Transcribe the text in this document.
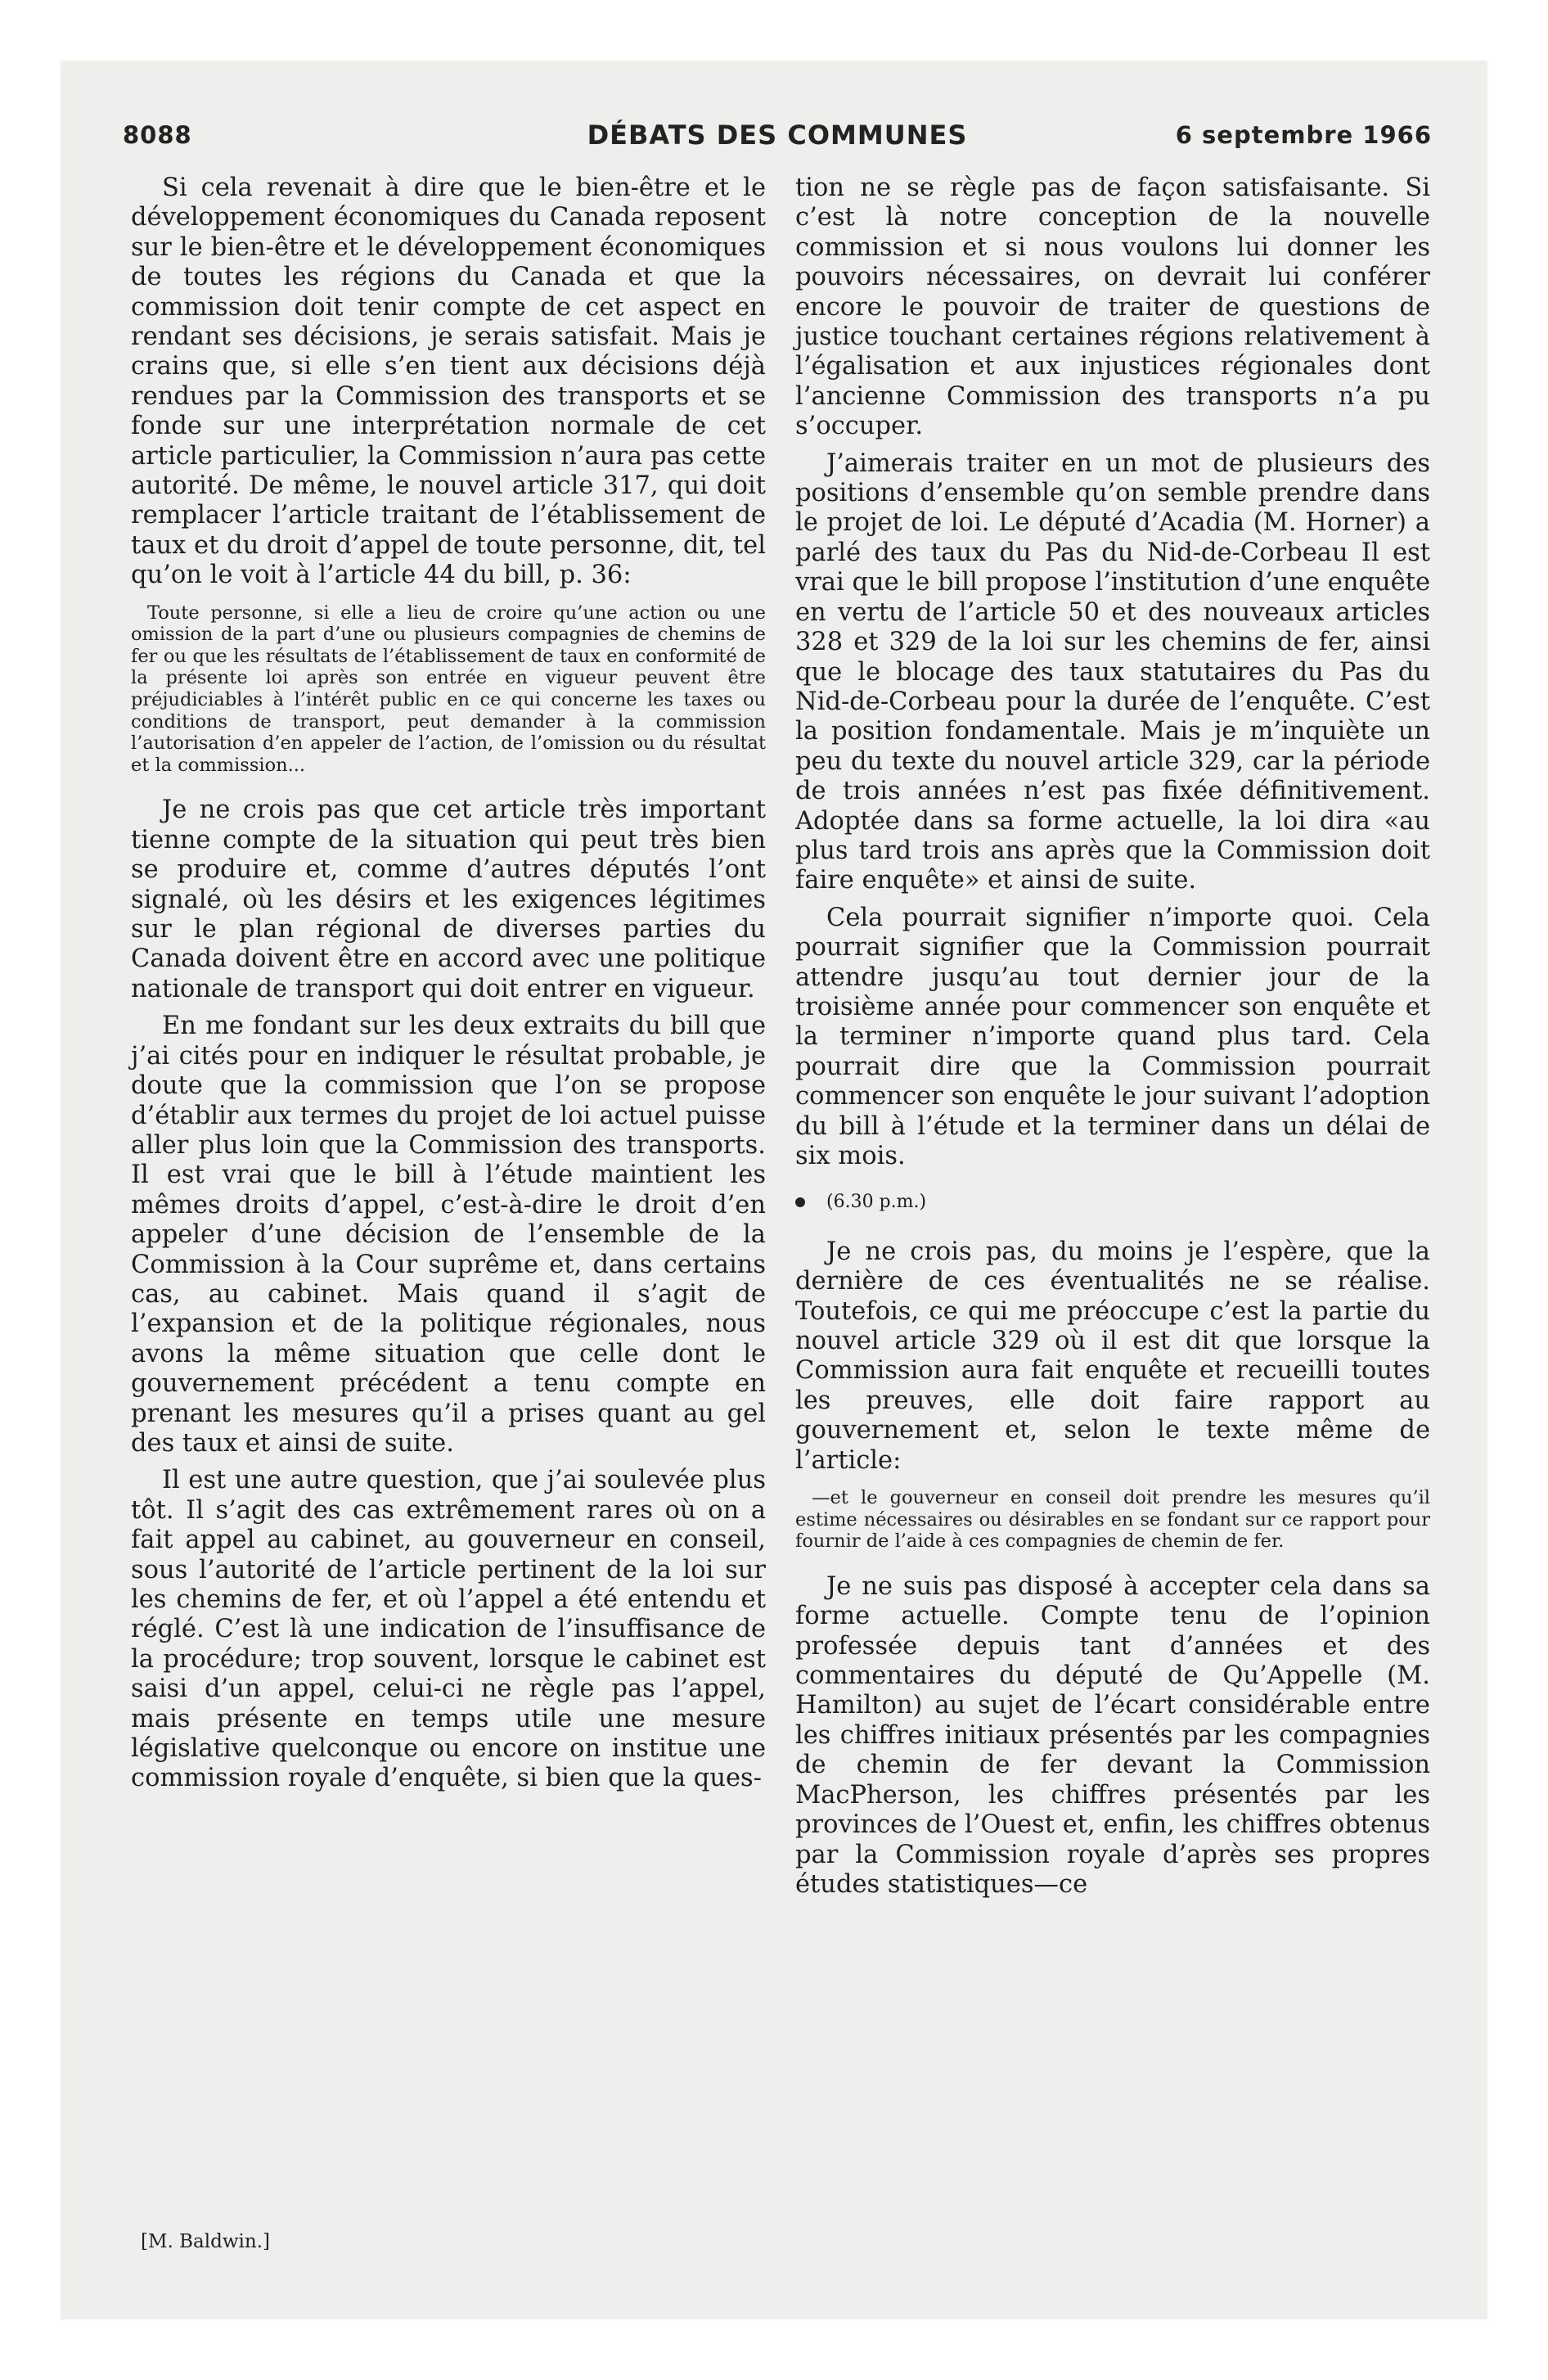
8088	DÉBATS DES COMMUNES	6 septembre 1966

Si cela revenait à dire que le bien-être et le développement économiques du Canada reposent sur le bien-être et le développement économiques de toutes les régions du Canada et que la commission doit tenir compte de cet aspect en rendant ses décisions, je serais satisfait. Mais je crains que, si elle s’en tient aux décisions déjà rendues par la Commission des transports et se fonde sur une interprétation normale de cet article particulier, la Commission n’aura pas cette autorité. De même, le nouvel article 317, qui doit remplacer l’article traitant de l’établissement de taux et du droit d’appel de toute personne, dit, tel qu’on le voit à l’article 44 du bill, p. 36:

Toute personne, si elle a lieu de croire qu’une action ou une omission de la part d’une ou plusieurs compagnies de chemins de fer ou que les résultats de l’établissement de taux en conformité de la présente loi après son entrée en vigueur peuvent être préjudiciables à l’intérêt public en ce qui concerne les taxes ou conditions de transport, peut demander à la commission l’autorisation d’en appeler de l’action, de l’omission ou du résultat et la commission...

Je ne crois pas que cet article très important tienne compte de la situation qui peut très bien se produire et, comme d’autres députés l’ont signalé, où les désirs et les exigences légitimes sur le plan régional de diverses parties du Canada doivent être en accord avec une politique nationale de transport qui doit entrer en vigueur.

En me fondant sur les deux extraits du bill que j’ai cités pour en indiquer le résultat probable, je doute que la commission que l’on se propose d’établir aux termes du projet de loi actuel puisse aller plus loin que la Commission des transports. Il est vrai que le bill à l’étude maintient les mêmes droits d’appel, c’est-à-dire le droit d’en appeler d’une décision de l’ensemble de la Commission à la Cour suprême et, dans certains cas, au cabinet. Mais quand il s’agit de l’expansion et de la politique régionales, nous avons la même situation que celle dont le gouvernement précédent a tenu compte en prenant les mesures qu’il a prises quant au gel des taux et ainsi de suite.

Il est une autre question, que j’ai soulevée plus tôt. Il s’agit des cas extrêmement rares où on a fait appel au cabinet, au gouverneur en conseil, sous l’autorité de l’article pertinent de la loi sur les chemins de fer, et où l’appel a été entendu et réglé. C’est là une indication de l’insuffisance de la procédure; trop souvent, lorsque le cabinet est saisi d’un appel, celui-ci ne règle pas l’appel, mais présente en temps utile une mesure législative quelconque ou encore on institue une commission royale d’enquête, si bien que la ques-

tion ne se règle pas de façon satisfaisante. Si c’est là notre conception de la nouvelle commission et si nous voulons lui donner les pouvoirs nécessaires, on devrait lui conférer encore le pouvoir de traiter de questions de justice touchant certaines régions relativement à l’égalisation et aux injustices régionales dont l’ancienne Commission des transports n’a pu s’occuper.

J’aimerais traiter en un mot de plusieurs des positions d’ensemble qu’on semble prendre dans le projet de loi. Le député d’Acadia (M. Horner) a parlé des taux du Pas du Nid-de-Corbeau Il est vrai que le bill propose l’institution d’une enquête en vertu de l’article 50 et des nouveaux articles 328 et 329 de la loi sur les chemins de fer, ainsi que le blocage des taux statutaires du Pas du Nid-de-Corbeau pour la durée de l’enquête. C’est la position fondamentale. Mais je m’inquiète un peu du texte du nouvel article 329, car la période de trois années n’est pas fixée définitivement. Adoptée dans sa forme actuelle, la loi dira «au plus tard trois ans après que la Commission doit faire enquête» et ainsi de suite.

Cela pourrait signifier n’importe quoi. Cela pourrait signifier que la Commission pourrait attendre jusqu’au tout dernier jour de la troisième année pour commencer son enquête et la terminer n’importe quand plus tard. Cela pourrait dire que la Commission pourrait commencer son enquête le jour suivant l’adoption du bill à l’étude et la terminer dans un délai de six mois.

(6.30 p.m.)

Je ne crois pas, du moins je l’espère, que la dernière de ces éventualités ne se réalise. Toutefois, ce qui me préoccupe c’est la partie du nouvel article 329 où il est dit que lorsque la Commission aura fait enquête et recueilli toutes les preuves, elle doit faire rapport au gouvernement et, selon le texte même de l’article:

—et le gouverneur en conseil doit prendre les mesures qu’il estime nécessaires ou désirables en se fondant sur ce rapport pour fournir de l’aide à ces compagnies de chemin de fer.

Je ne suis pas disposé à accepter cela dans sa forme actuelle. Compte tenu de l’opinion professée depuis tant d’années et des commentaires du député de Qu’Appelle (M. Hamilton) au sujet de l’écart considérable entre les chiffres initiaux présentés par les compagnies de chemin de fer devant la Commission MacPherson, les chiffres présentés par les provinces de l’Ouest et, enfin, les chiffres obtenus par la Commission royale d’après ses propres études statistiques—ce

[M. Baldwin.]
